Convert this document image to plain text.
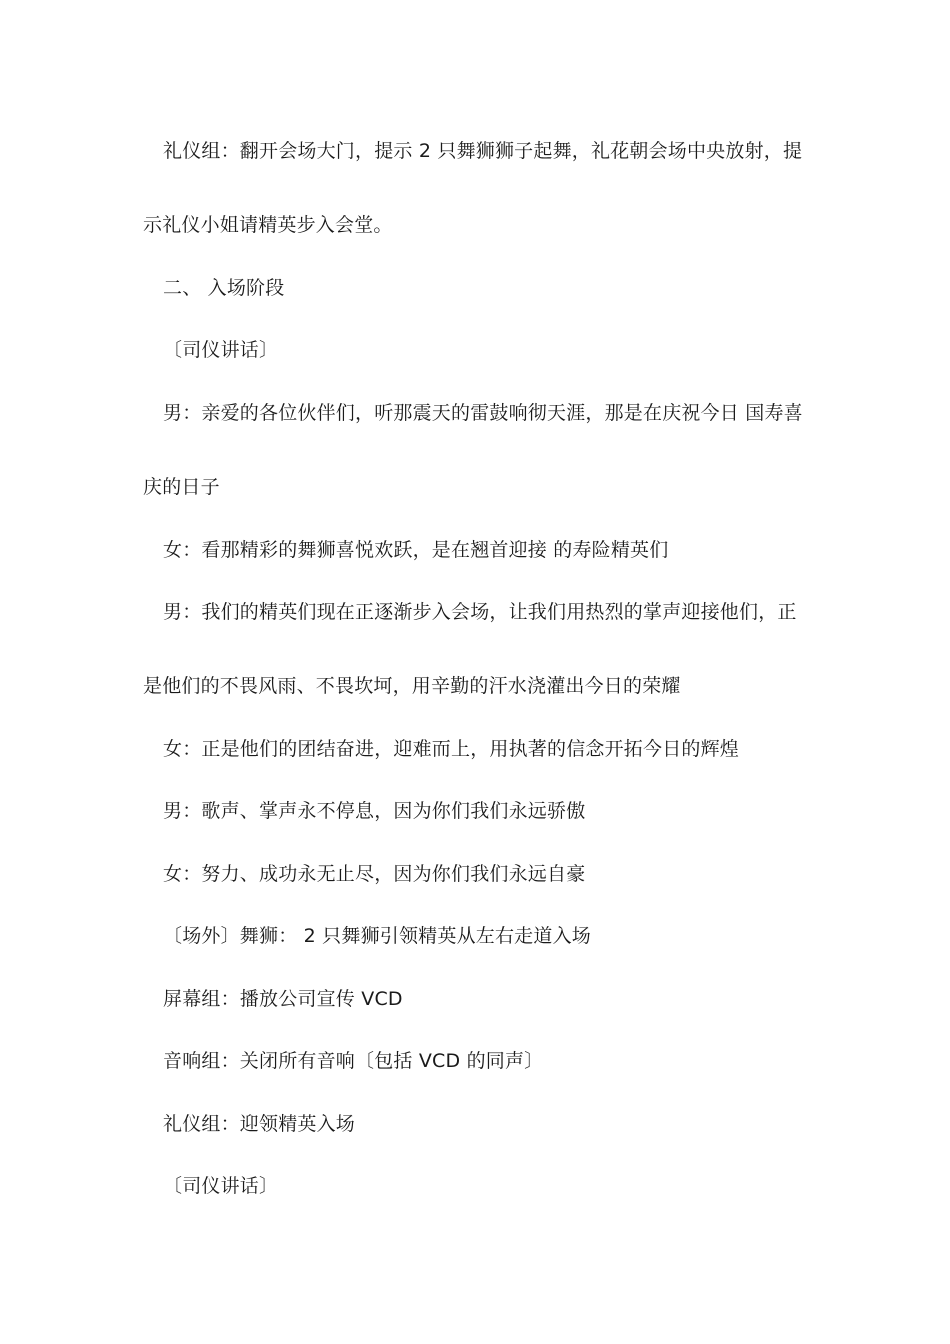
礼仪组：翻开会场大门，提示 2 只舞狮狮子起舞，礼花朝会场中央放射，提
示礼仪小姐请精英步入会堂。
二、 入场阶段
〔司仪讲话〕
男：亲爱的各位伙伴们，听那震天的雷鼓响彻天涯，那是在庆祝今日 国寿喜
庆的日子
女：看那精彩的舞狮喜悦欢跃，是在翘首迎接 的寿险精英们
男：我们的精英们现在正逐渐步入会场，让我们用热烈的掌声迎接他们，正
是他们的不畏风雨、不畏坎坷，用辛勤的汗水浇灌出今日的荣耀
女：正是他们的团结奋进，迎难而上，用执著的信念开拓今日的辉煌
男：歌声、掌声永不停息，因为你们我们永远骄傲
女：努力、成功永无止尽，因为你们我们永远自豪
〔场外〕舞狮： 2 只舞狮引领精英从左右走道入场
屏幕组：播放公司宣传 VCD
音响组：关闭所有音响〔包括 VCD 的同声〕
礼仪组：迎领精英入场
〔司仪讲话〕
